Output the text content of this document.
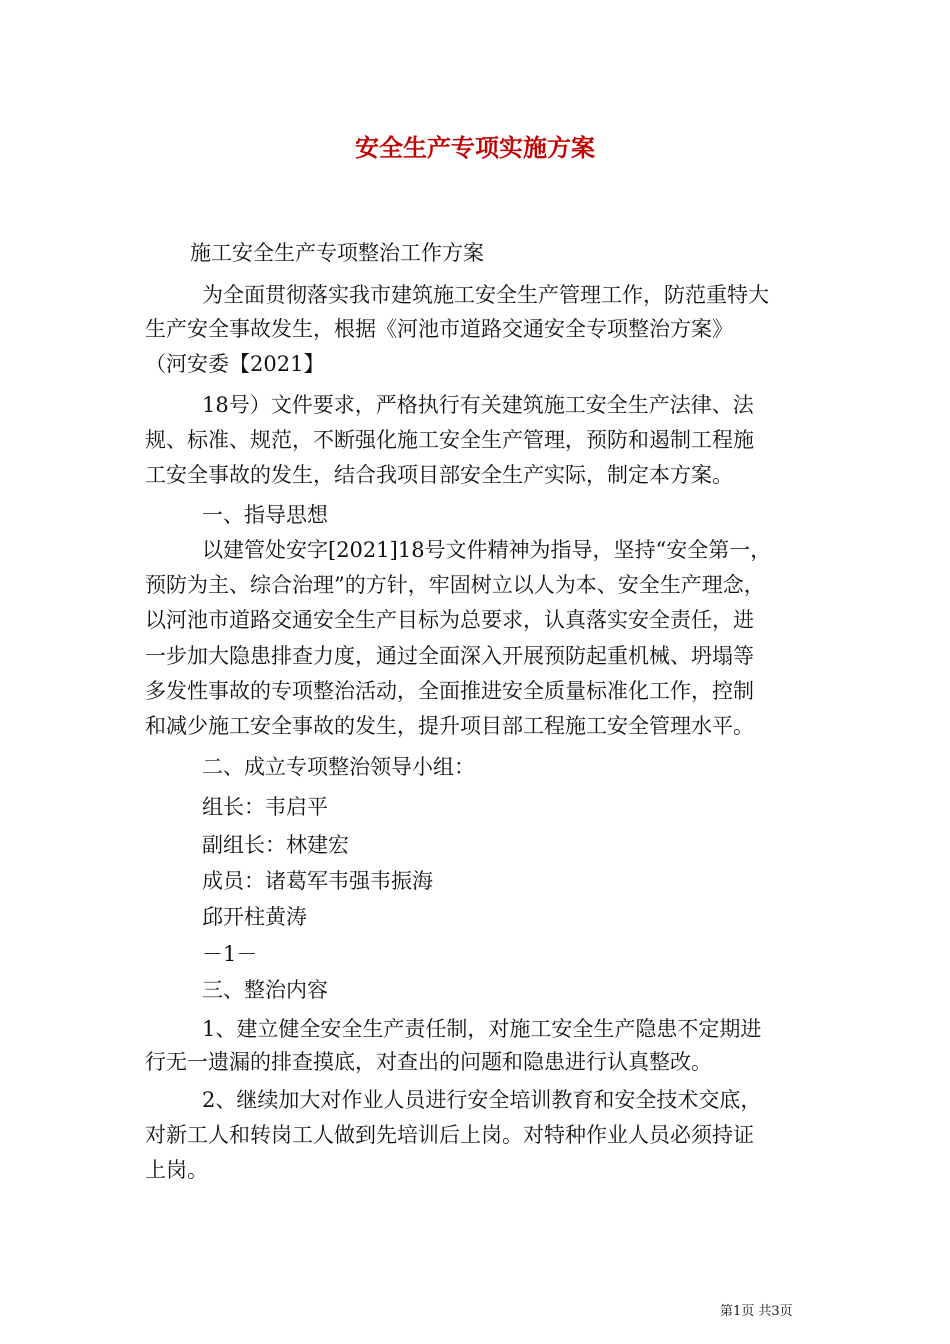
安全生产专项实施方案
施工安全生产专项整治工作方案
为全面贯彻落实我市建筑施工安全生产管理工作，防范重特大
生产安全事故发生，根据《河池市道路交通安全专项整治方案》
（河安委【2021】
18号）文件要求，严格执行有关建筑施工安全生产法律、法
规、标准、规范，不断强化施工安全生产管理，预防和遏制工程施
工安全事故的发生，结合我项目部安全生产实际，制定本方案。
一、指导思想
以建管处安字[2021]18号文件精神为指导，坚持“安全第一，
预防为主、综合治理”的方针，牢固树立以人为本、安全生产理念，
以河池市道路交通安全生产目标为总要求，认真落实安全责任，进
一步加大隐患排查力度，通过全面深入开展预防起重机械、坍塌等
多发性事故的专项整治活动，全面推进安全质量标准化工作，控制
和减少施工安全事故的发生，提升项目部工程施工安全管理水平。
二、成立专项整治领导小组：
组长：韦启平
副组长：林建宏
成员：诸葛军韦强韦振海
邱开柱黄涛
－1－
三、整治内容
1、建立健全安全生产责任制，对施工安全生产隐患不定期进
行无一遗漏的排查摸底，对查出的问题和隐患进行认真整改。
2、继续加大对作业人员进行安全培训教育和安全技术交底，
对新工人和转岗工人做到先培训后上岗。对特种作业人员必须持证
上岗。
第1页 共3页
